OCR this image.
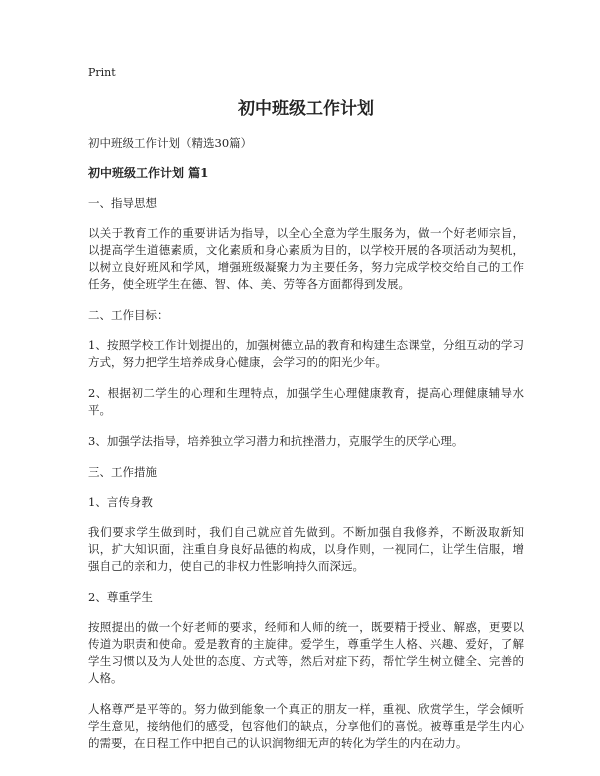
Print
初中班级工作计划
初中班级工作计划（精选30篇）
初中班级工作计划 篇1
一、指导思想
以关于教育工作的重要讲话为指导，以全心全意为学生服务为，做一个好老师宗旨，以提高学生道德素质，文化素质和身心素质为目的，以学校开展的各项活动为契机，以树立良好班风和学风，增强班级凝聚力为主要任务，努力完成学校交给自己的工作任务，使全班学生在德、智、体、美、劳等各方面都得到发展。
二、工作目标：
1、按照学校工作计划提出的，加强树德立品的教育和构建生态课堂，分组互动的学习方式，努力把学生培养成身心健康，会学习的的阳光少年。
2、根据初二学生的心理和生理特点，加强学生心理健康教育，提高心理健康辅导水平。
3、加强学法指导，培养独立学习潜力和抗挫潜力，克服学生的厌学心理。
三、工作措施
1、言传身教
我们要求学生做到时，我们自己就应首先做到。不断加强自我修养，不断汲取新知识，扩大知识面，注重自身良好品德的构成，以身作则，一视同仁，让学生信服，增强自己的亲和力，使自己的非权力性影响持久而深远。
2、尊重学生
按照提出的做一个好老师的要求，经师和人师的统一，既要精于授业、解惑，更要以传道为职责和使命。爱是教育的主旋律。爱学生，尊重学生人格、兴趣、爱好，了解学生习惯以及为人处世的态度、方式等，然后对症下药，帮忙学生树立健全、完善的人格。
人格尊严是平等的。努力做到能象一个真正的朋友一样，重视、欣赏学生，学会倾听学生意见，接纳他们的感受，包容他们的缺点，分享他们的喜悦。被尊重是学生内心的需要，在日程工作中把自己的认识润物细无声的转化为学生的内在动力。
